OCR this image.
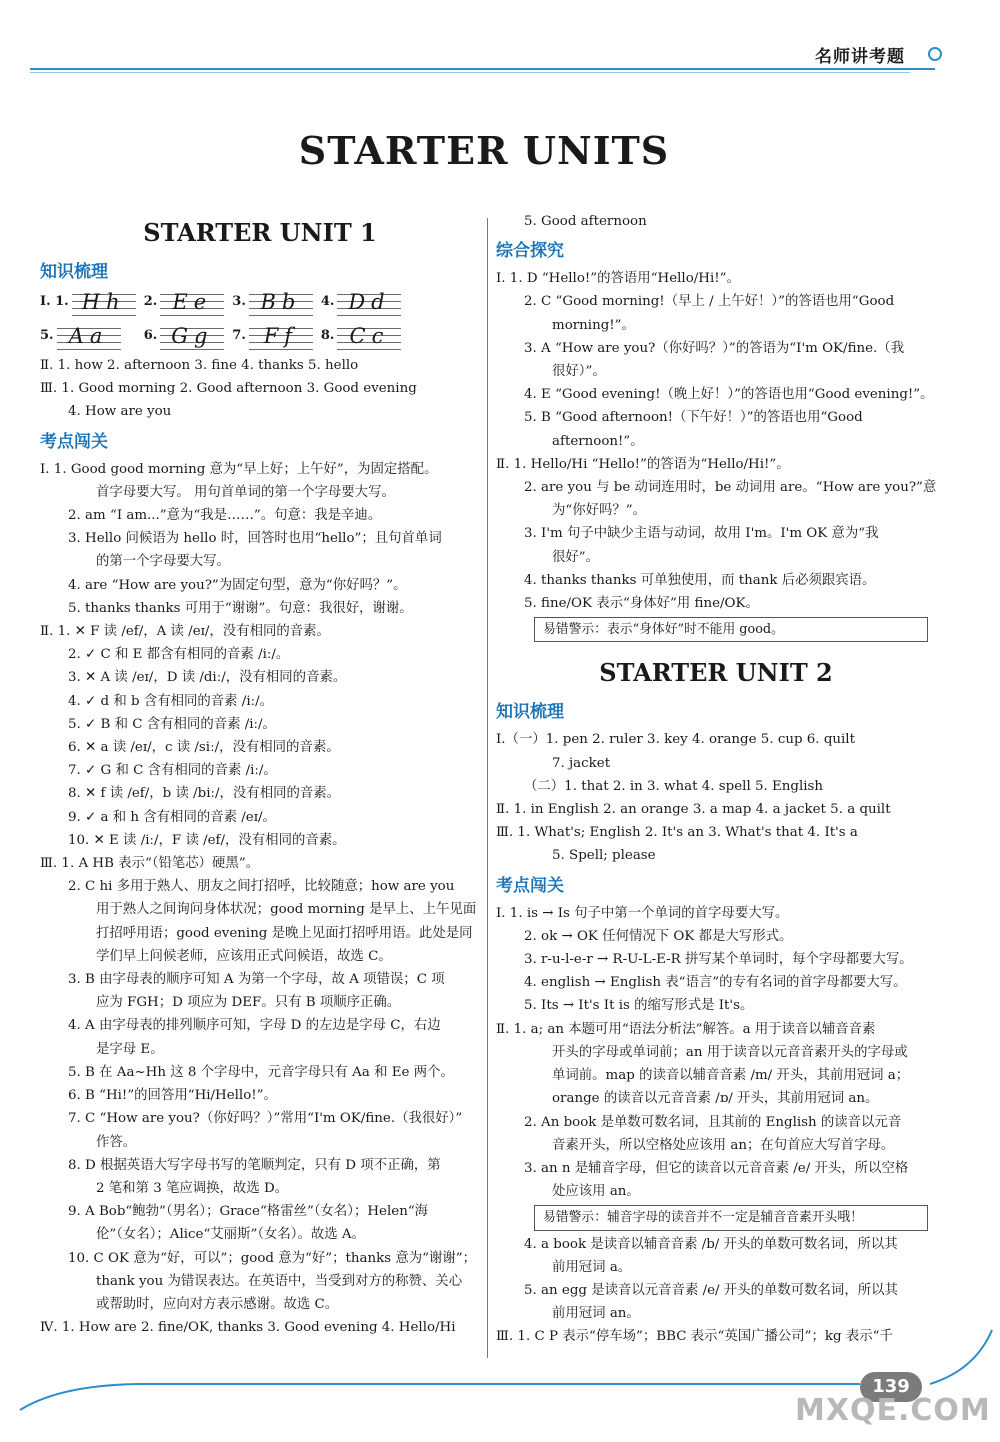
名师讲考题
STARTER UNITS
STARTER UNIT 1
知识梳理
Ⅰ. 1. Hh	2. Ee	3. Bb	4. Dd
5. Aa	6. Gg	7. Ff	8. Cc
Ⅱ. 1. how 2. afternoon 3. fine 4. thanks 5. hello
Ⅲ. 1. Good morning 2. Good afternoon 3. Good evening
4. How are you
考点闯关
Ⅰ. 1. Good good morning 意为“早上好；上午好”，为固定搭配。
首字母要大写。 用句首单词的第一个字母要大写。
2. am “I am...”意为“我是……”。句意：我是辛迪。
3. Hello 问候语为 hello 时，回答时也用“hello”；且句首单词
的第一个字母要大写。
4. are “How are you?”为固定句型，意为“你好吗？”。
5. thanks thanks 可用于“谢谢”。句意：我很好，谢谢。
Ⅱ. 1. ✕ F 读 /ef/，A 读 /eɪ/，没有相同的音素。
2. ✓ C 和 E 都含有相同的音素 /iː/。
3. ✕ A 读 /eɪ/，D 读 /diː/，没有相同的音素。
4. ✓ d 和 b 含有相同的音素 /iː/。
5. ✓ B 和 C 含有相同的音素 /iː/。
6. ✕ a 读 /eɪ/，c 读 /siː/，没有相同的音素。
7. ✓ G 和 C 含有相同的音素 /iː/。
8. ✕ f 读 /ef/，b 读 /biː/，没有相同的音素。
9. ✓ a 和 h 含有相同的音素 /eɪ/。
10. ✕ E 读 /iː/，F 读 /ef/，没有相同的音素。
Ⅲ. 1. A HB 表示“（铅笔芯）硬黑”。
2. C hi 多用于熟人、朋友之间打招呼，比较随意；how are you
用于熟人之间询问身体状况；good morning 是早上、上午见面
打招呼用语；good evening 是晚上见面打招呼用语。此处是同
学们早上问候老师，应该用正式问候语，故选 C。
3. B 由字母表的顺序可知 A 为第一个字母，故 A 项错误；C 项
应为 FGH；D 项应为 DEF。只有 B 项顺序正确。
4. A 由字母表的排列顺序可知，字母 D 的左边是字母 C，右边
是字母 E。
5. B 在 Aa~Hh 这 8 个字母中，元音字母只有 Aa 和 Ee 两个。
6. B “Hi!”的回答用“Hi/Hello!”。
7. C “How are you?（你好吗？）”常用“I'm OK/fine.（我很好）”
作答。
8. D 根据英语大写字母书写的笔顺判定，只有 D 项不正确，第
2 笔和第 3 笔应调换，故选 D。
9. A Bob“鲍勃”（男名）；Grace“格雷丝”（女名）；Helen“海
伦”（女名）；Alice“艾丽斯”（女名）。故选 A。
10. C OK 意为“好，可以”；good 意为“好”；thanks 意为“谢谢”；
thank you 为错误表达。在英语中，当受到对方的称赞、关心
或帮助时，应向对方表示感谢。故选 C。
Ⅳ. 1. How are 2. fine/OK, thanks 3. Good evening 4. Hello/Hi
5. Good afternoon
综合探究
Ⅰ. 1. D “Hello!”的答语用“Hello/Hi!”。
2. C “Good morning!（早上 / 上午好！）”的答语也用“Good
morning!”。
3. A “How are you?（你好吗？）”的答语为“I'm OK/fine.（我
很好）”。
4. E “Good evening!（晚上好！）”的答语也用“Good evening!”。
5. B “Good afternoon!（下午好！）”的答语也用“Good
afternoon!”。
Ⅱ. 1. Hello/Hi “Hello!”的答语为“Hello/Hi!”。
2. are you 与 be 动词连用时，be 动词用 are。“How are you?”意
为“你好吗？”。
3. I'm 句子中缺少主语与动词，故用 I'm。I'm OK 意为“我
很好”。
4. thanks thanks 可单独使用，而 thank 后必须跟宾语。
5. fine/OK 表示“身体好”用 fine/OK。
易错警示：表示“身体好”时不能用 good。
STARTER UNIT 2
知识梳理
Ⅰ.（一）1. pen 2. ruler 3. key 4. orange 5. cup 6. quilt
7. jacket
（二）1. that 2. in 3. what 4. spell 5. English
Ⅱ. 1. in English 2. an orange 3. a map 4. a jacket 5. a quilt
Ⅲ. 1. What's; English 2. It's an 3. What's that 4. It's a
5. Spell; please
考点闯关
Ⅰ. 1. is → Is 句子中第一个单词的首字母要大写。
2. ok → OK 任何情况下 OK 都是大写形式。
3. r-u-l-e-r → R-U-L-E-R 拼写某个单词时，每个字母都要大写。
4. english → English 表“语言”的专有名词的首字母都要大写。
5. Its → It's It is 的缩写形式是 It's。
Ⅱ. 1. a; an 本题可用“语法分析法”解答。a 用于读音以辅音音素
开头的字母或单词前；an 用于读音以元音音素开头的字母或
单词前。map 的读音以辅音音素 /m/ 开头，其前用冠词 a；
orange 的读音以元音音素 /ɒ/ 开头，其前用冠词 an。
2. An book 是单数可数名词，且其前的 English 的读音以元音
音素开头，所以空格处应该用 an；在句首应大写首字母。
3. an n 是辅音字母，但它的读音以元音音素 /e/ 开头，所以空格
处应该用 an。
易错警示：辅音字母的读音并不一定是辅音音素开头哦！
4. a book 是读音以辅音音素 /b/ 开头的单数可数名词，所以其
前用冠词 a。
5. an egg 是读音以元音音素 /e/ 开头的单数可数名词，所以其
前用冠词 an。
Ⅲ. 1. C P 表示“停车场”；BBC 表示“英国广播公司”；kg 表示“千
139
MXQE.COM
